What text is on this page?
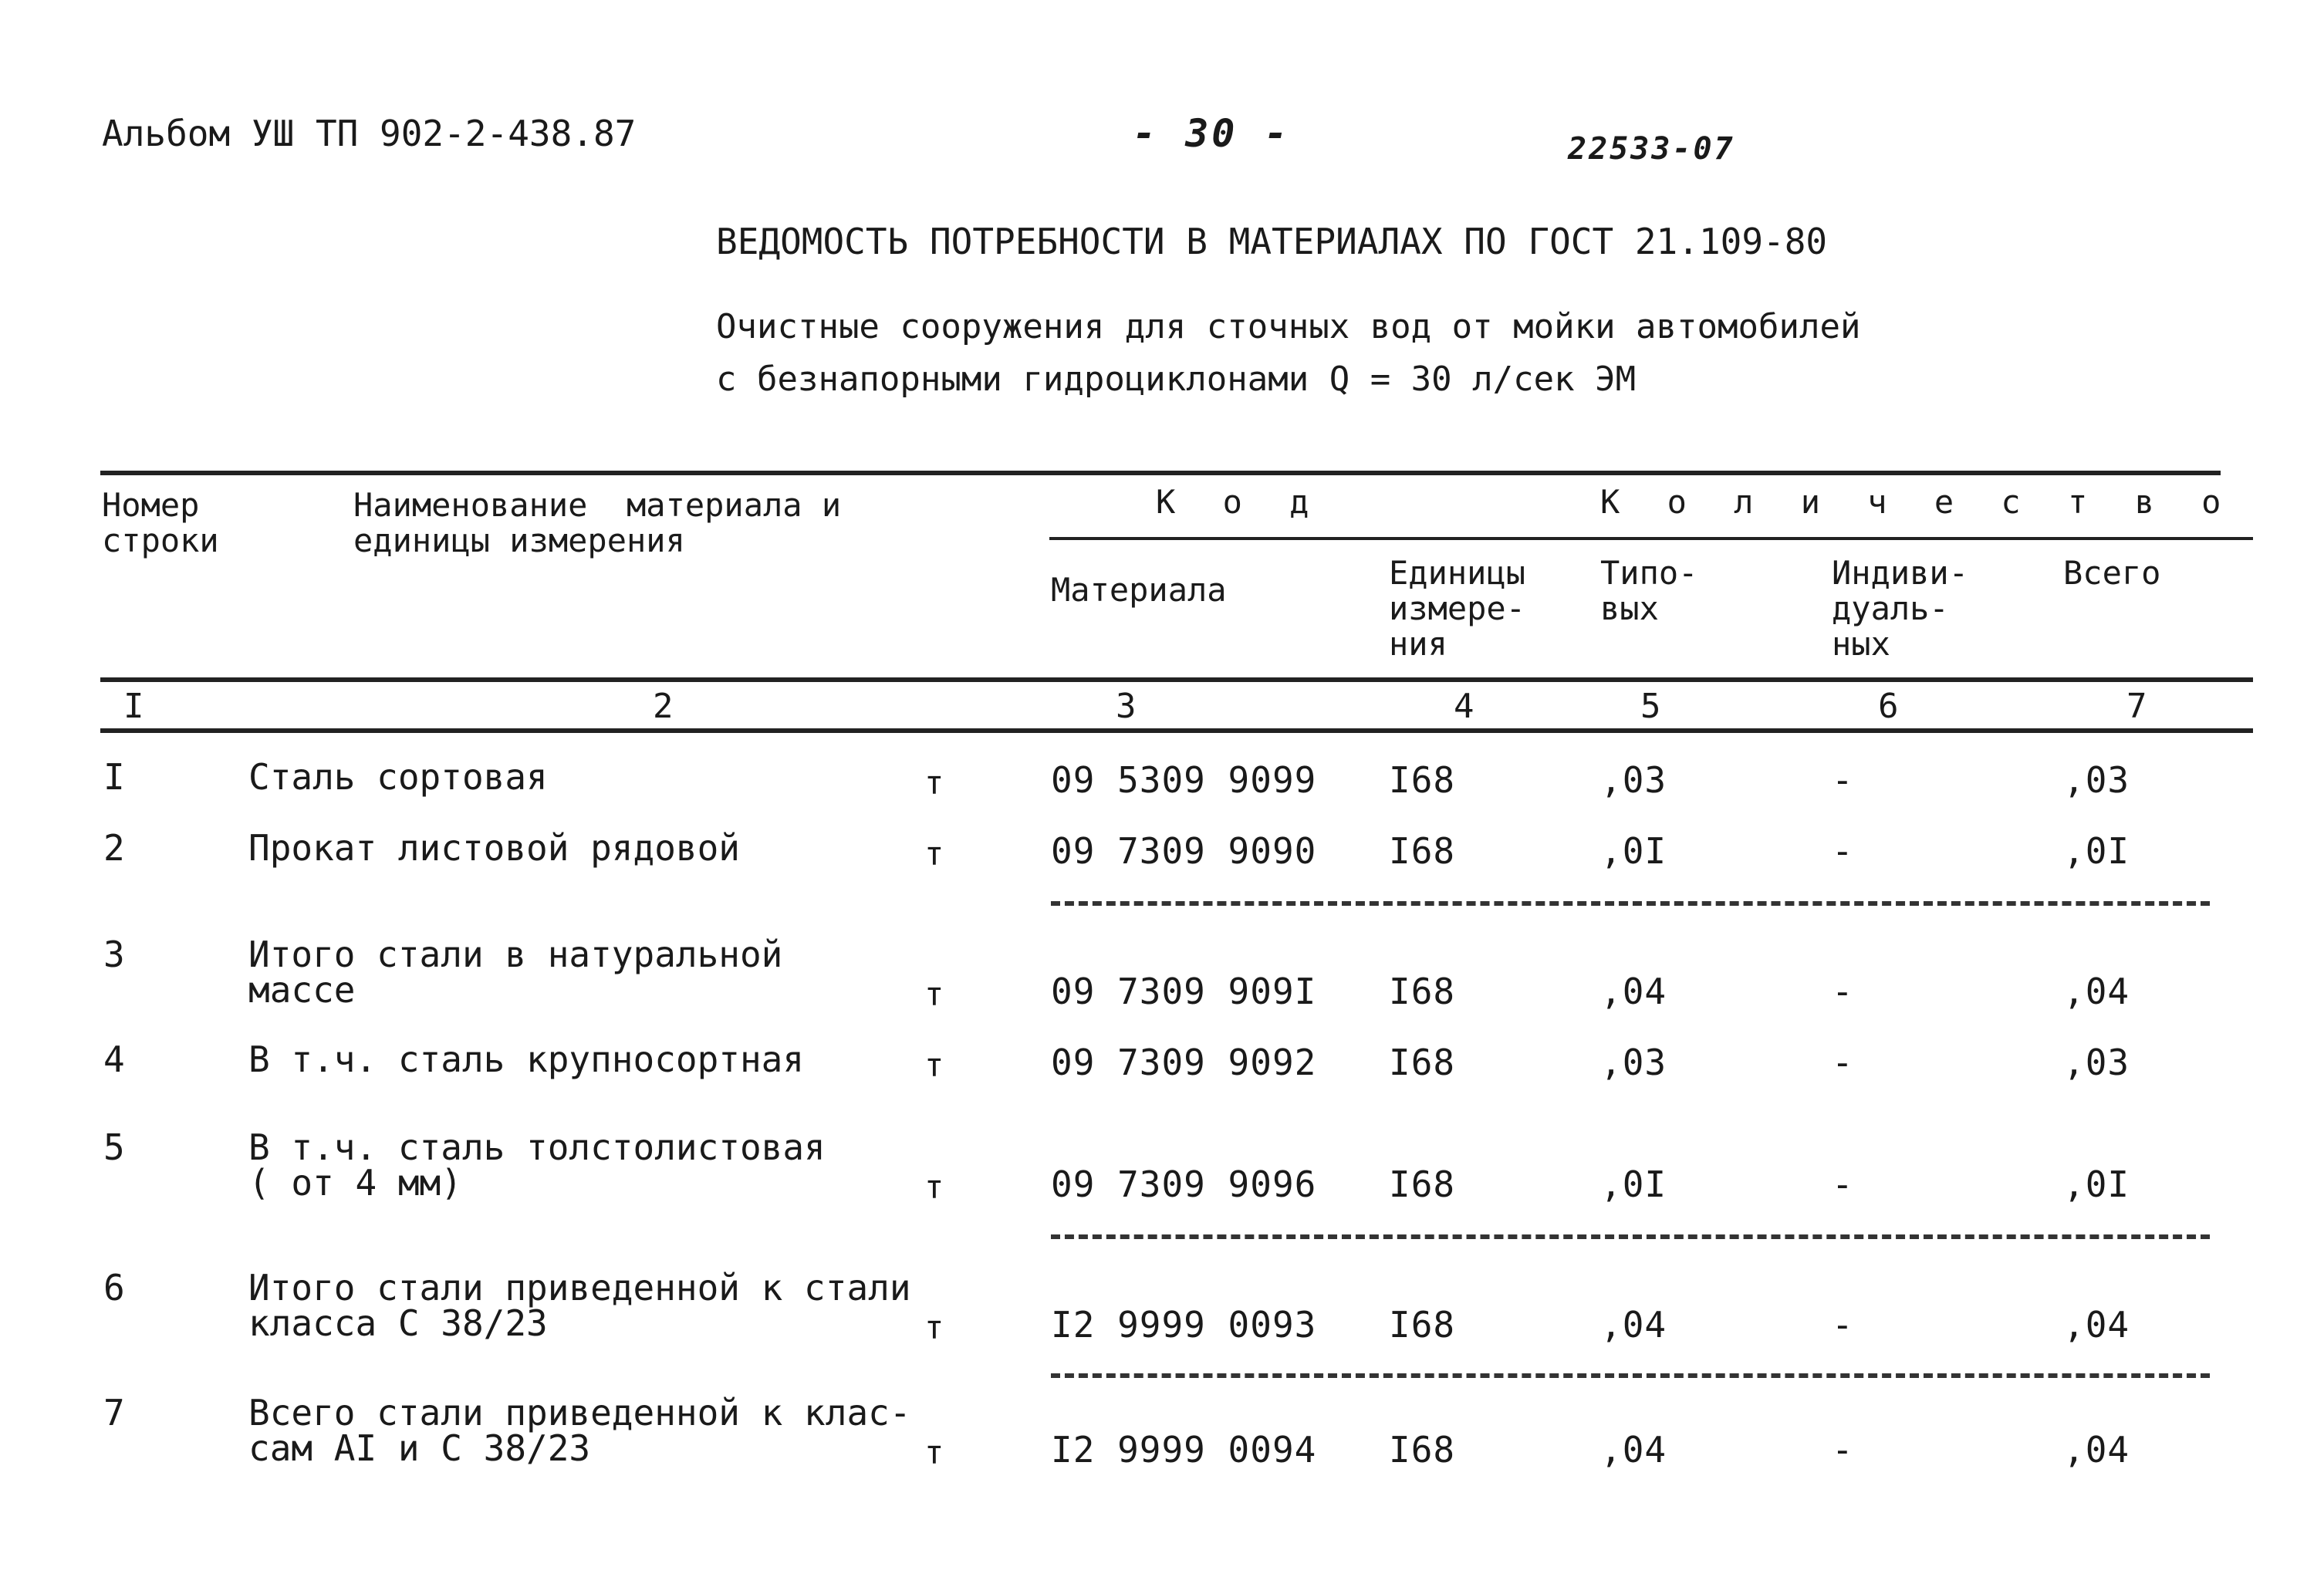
Альбом УШ ТП 902-2-438.87	- 30 -	22533-07
ВЕДОМОСТЬ ПОТРЕБНОСТИ В МАТЕРИАЛАХ ПО ГОСТ 21.109-80
Очистные сооружения для сточных вод от мойки автомобилей
с безнапорными гидроциклонами Q = 30 л/сек ЭМ
Номер
строки
Наименование  материала и
единицы измерения
К о д	К о л и ч е с т в о
Материала	Единицы
измере-
ния
Типо-
вых
Индиви-
дуаль-
ных
Всего
I	2	3	4	5	6	7
I	Сталь сортовая	т	09 5309 9099 I68	,03	-	,03
2	Прокат листовой рядовой	т	09 7309 9090 I68	,0I	-	,0I
3	Итого стали в натуральной
массе	т	09 7309 909I I68	,04	-	,04
4	В т.ч. сталь крупносортная	т	09 7309 9092 I68	,03	-	,03
5	В т.ч. сталь толстолистовая
( от 4 мм)	т	09 7309 9096 I68	,0I	-	,0I
6	Итого стали приведенной к стали
класса С 38/23	т	I2 9999 0093 I68	,04	-	,04
7	Всего стали приведенной к клас-
сам АI и С 38/23	т	I2 9999 0094 I68	,04	-	,04
